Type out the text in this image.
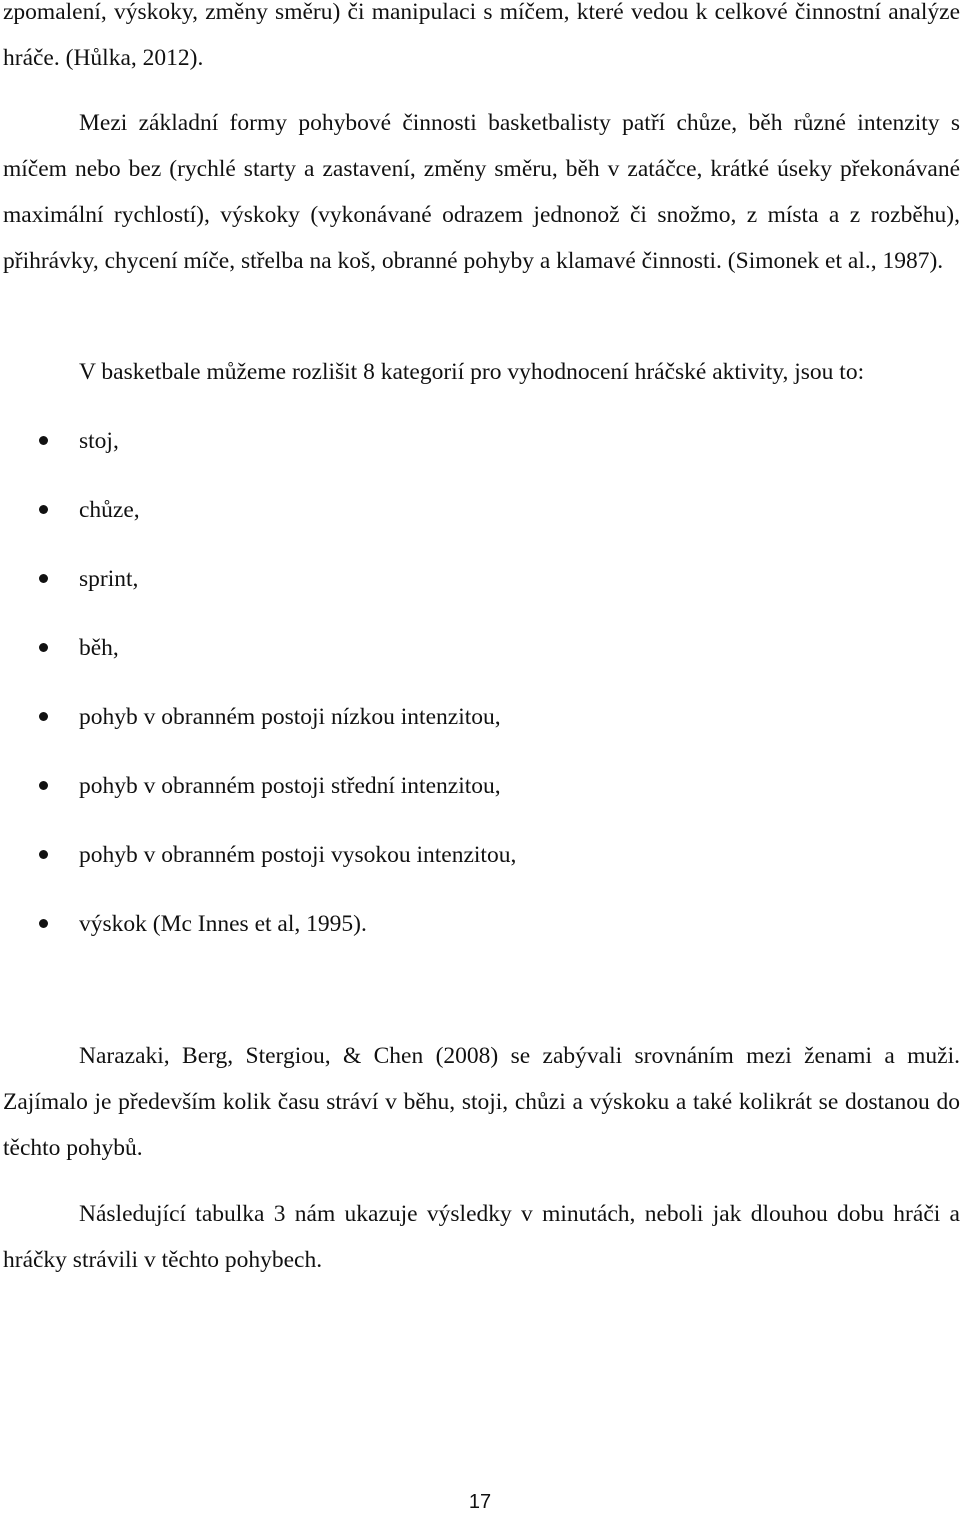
zpomalení, výskoky, změny směru) či manipulaci s míčem, které vedou k celkové činnostní analýze hráče. (Hůlka, 2012).

Mezi základní formy pohybové činnosti basketbalisty patří chůze, běh různé intenzity s míčem nebo bez (rychlé starty a zastavení, změny směru, běh v zatáčce, krátké úseky překonávané maximální rychlostí), výskoky (vykonávané odrazem jednonož či snožmo, z místa a z rozběhu), přihrávky, chycení míče, střelba na koš, obranné pohyby a klamavé činnosti. (Simonek et al., 1987).

V basketbale můžeme rozlišit 8 kategorií pro vyhodnocení hráčské aktivity, jsou to:

stoj,
chůze,
sprint,
běh,
pohyb v obranném postoji nízkou intenzitou,
pohyb v obranném postoji střední intenzitou,
pohyb v obranném postoji vysokou intenzitou,
výskok (Mc Innes et al, 1995).

Narazaki, Berg, Stergiou, & Chen (2008) se zabývali srovnáním mezi ženami a muži. Zajímalo je především kolik času stráví v běhu, stoji, chůzi a výskoku a také kolikrát se dostanou do těchto pohybů.

Následující tabulka 3 nám ukazuje výsledky v minutách, neboli jak dlouhou dobu hráči a hráčky strávili v těchto pohybech.

17
